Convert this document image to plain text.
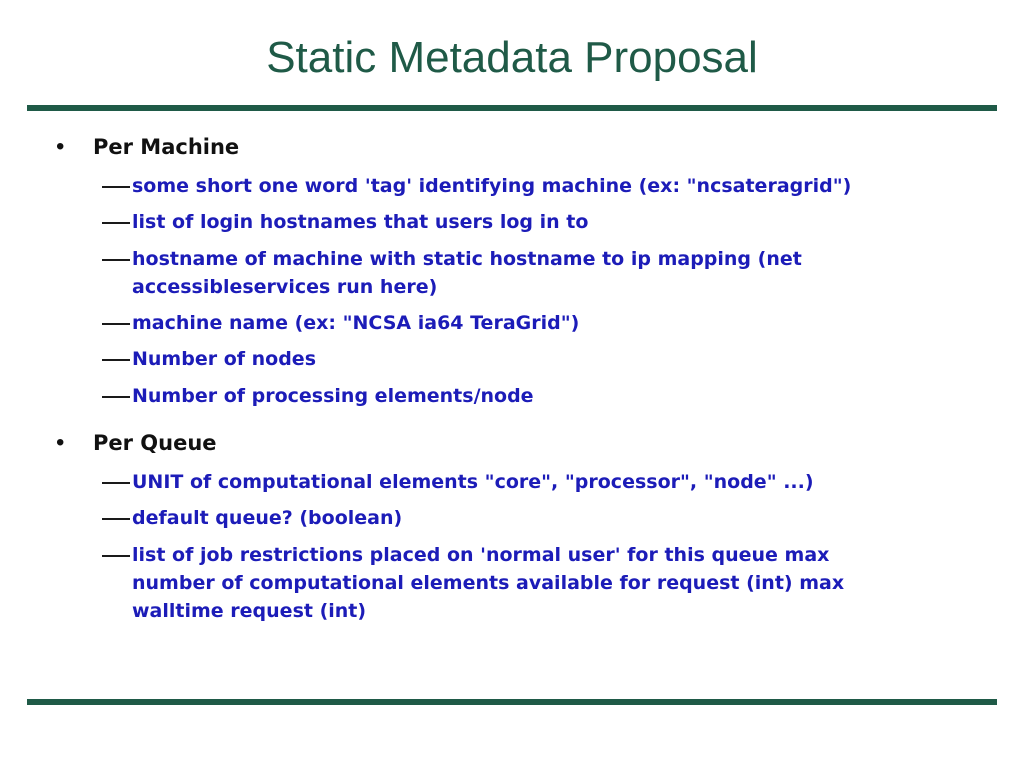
Static Metadata Proposal
• Per Machine
some short one word 'tag' identifying machine (ex: "ncsateragrid")
list of login hostnames that users log in to
hostname of machine with static hostname to ip mapping (net
accessibleservices run here)
machine name (ex: "NCSA ia64 TeraGrid")
Number of nodes
Number of processing elements/node
• Per Queue
UNIT of computational elements "core", "processor", "node" ...)
default queue? (boolean)
list of job restrictions placed on 'normal user' for this queue max
number of computational elements available for request (int) max
walltime request (int)
